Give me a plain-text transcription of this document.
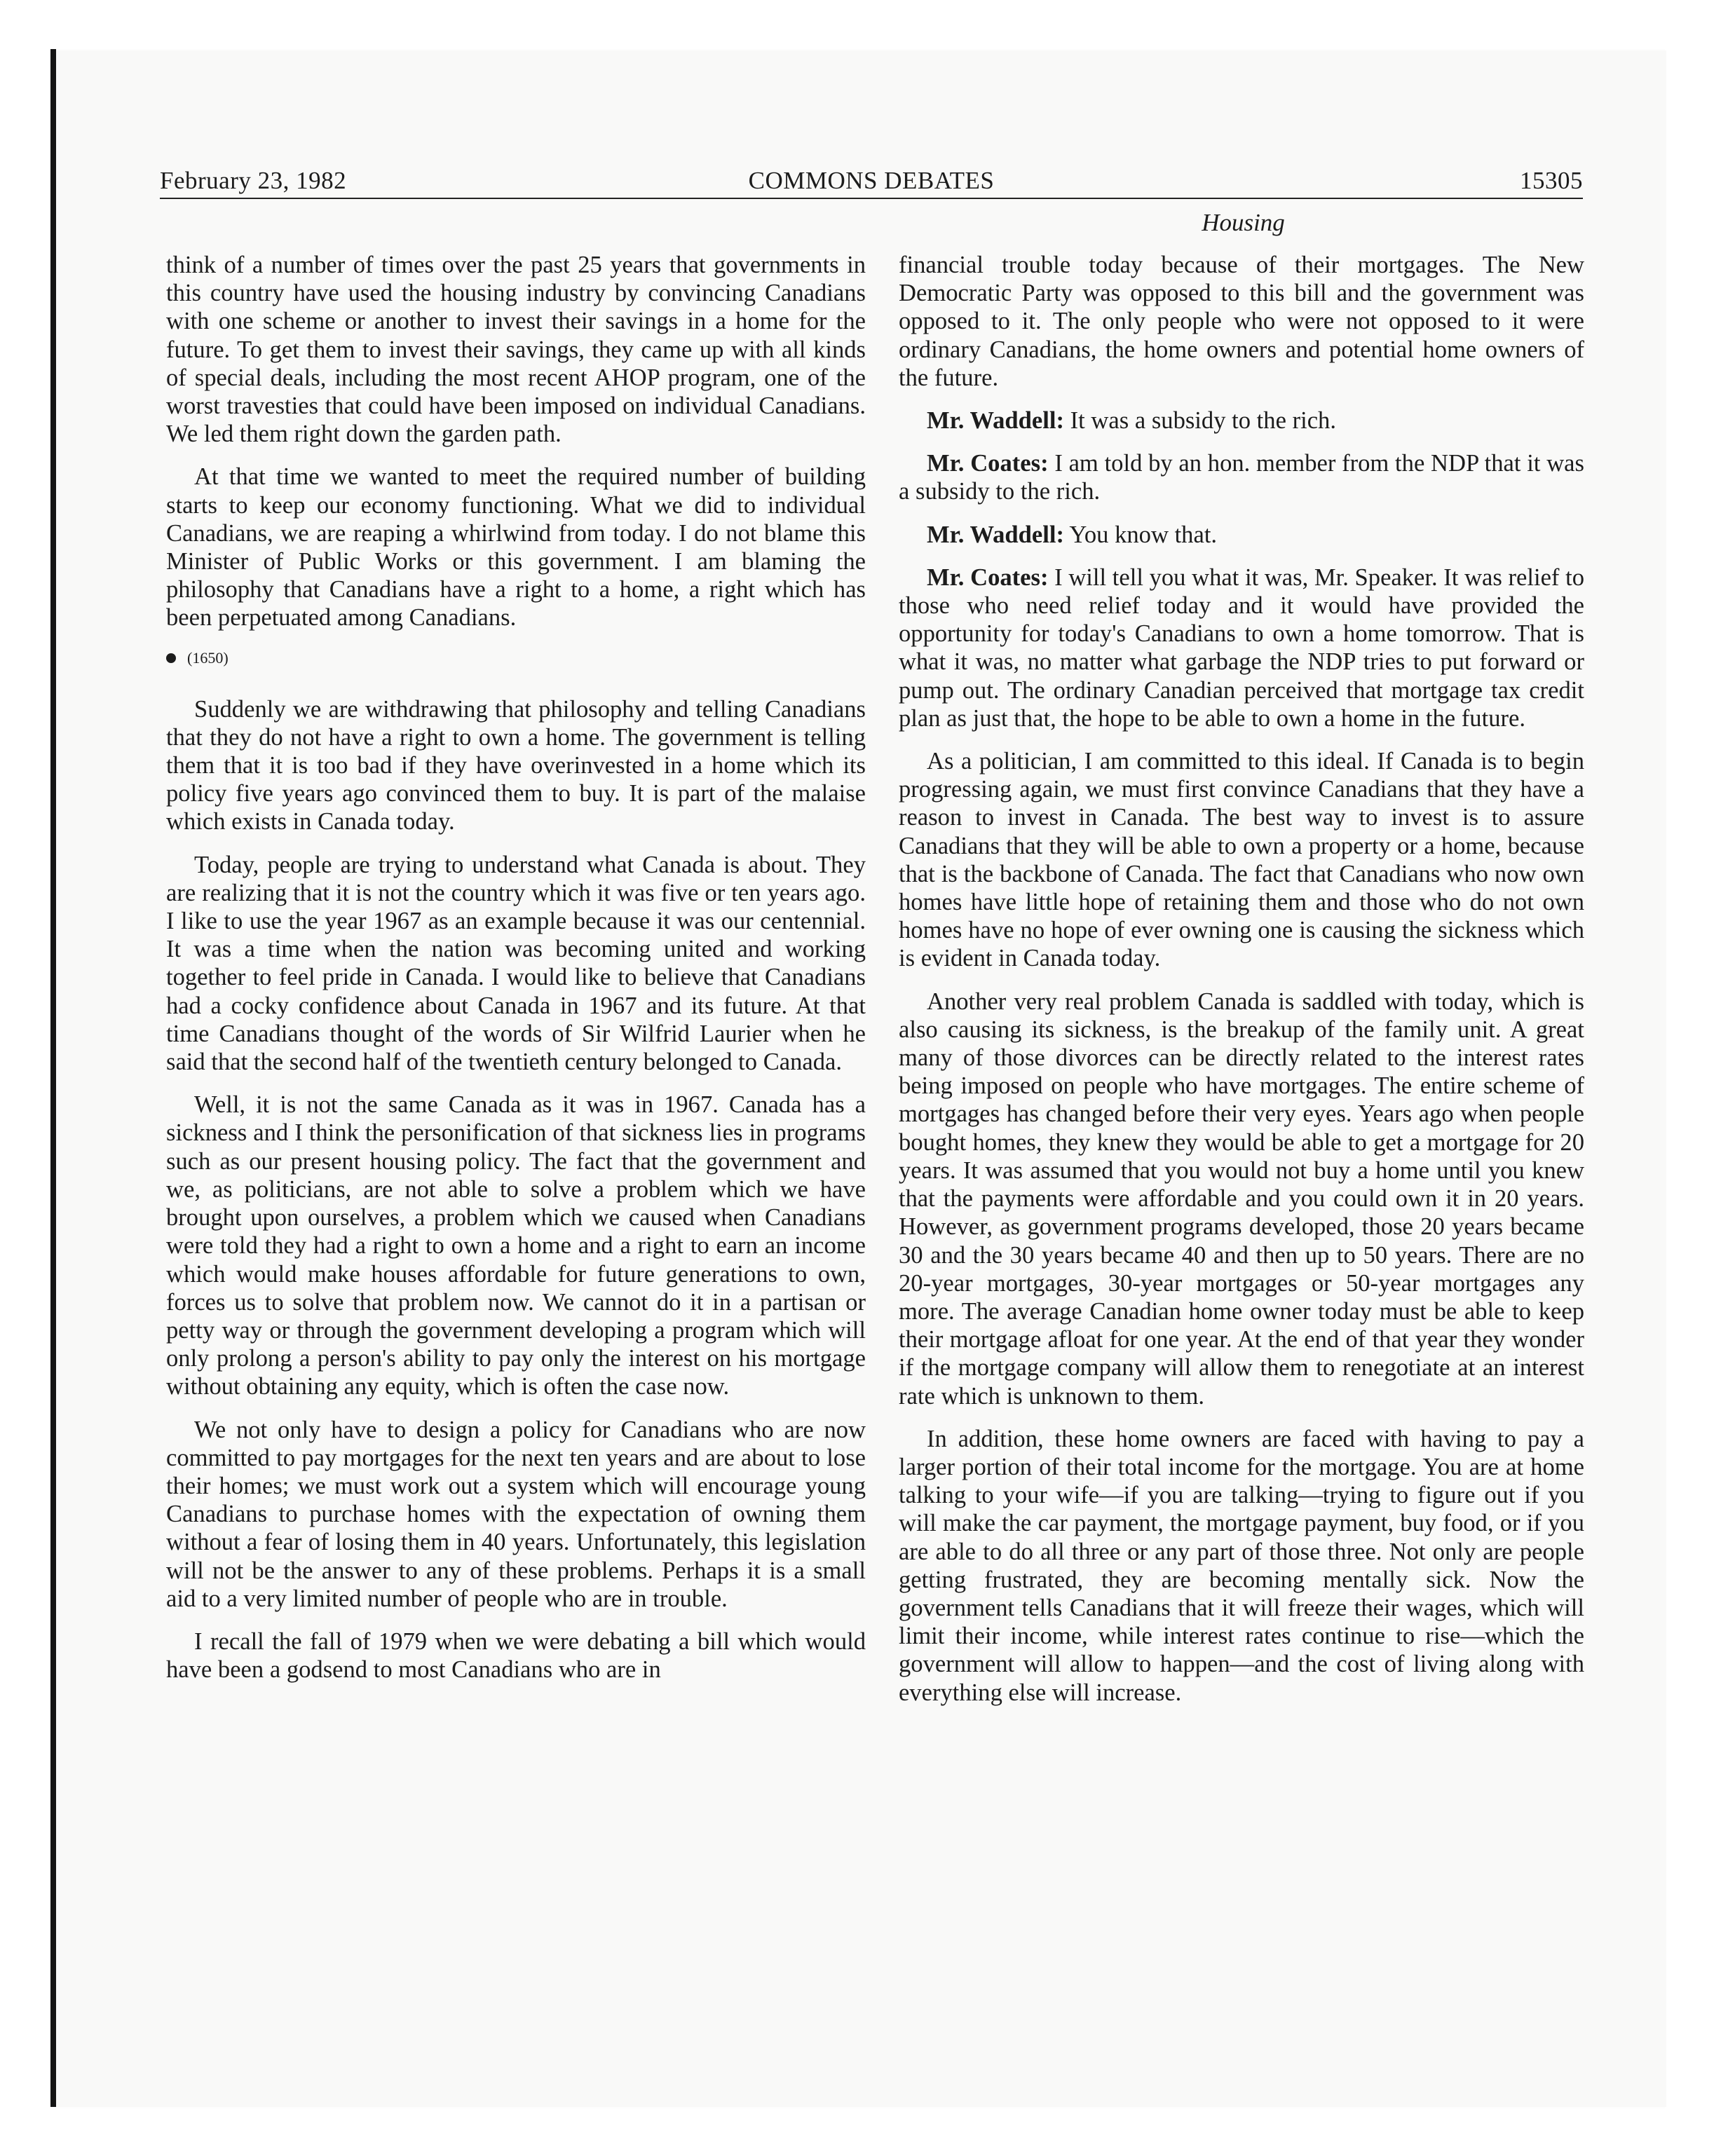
COMMONS DEBATES
February 23, 1982	15305
Housing

think of a number of times over the past 25 years that governments in this country have used the housing industry by convincing Canadians with one scheme or another to invest their savings in a home for the future. To get them to invest their savings, they came up with all kinds of special deals, including the most recent AHOP program, one of the worst travesties that could have been imposed on individual Canadians. We led them right down the garden path.

At that time we wanted to meet the required number of building starts to keep our economy functioning. What we did to individual Canadians, we are reaping a whirlwind from today. I do not blame this Minister of Public Works or this government. I am blaming the philosophy that Canadians have a right to a home, a right which has been perpetuated among Canadians.

(1650)

Suddenly we are withdrawing that philosophy and telling Canadians that they do not have a right to own a home. The government is telling them that it is too bad if they have overinvested in a home which its policy five years ago convinced them to buy. It is part of the malaise which exists in Canada today.

Today, people are trying to understand what Canada is about. They are realizing that it is not the country which it was five or ten years ago. I like to use the year 1967 as an example because it was our centennial. It was a time when the nation was becoming united and working together to feel pride in Canada. I would like to believe that Canadians had a cocky confidence about Canada in 1967 and its future. At that time Canadians thought of the words of Sir Wilfrid Laurier when he said that the second half of the twentieth century belonged to Canada.

Well, it is not the same Canada as it was in 1967. Canada has a sickness and I think the personification of that sickness lies in programs such as our present housing policy. The fact that the government and we, as politicians, are not able to solve a problem which we have brought upon ourselves, a problem which we caused when Canadians were told they had a right to own a home and a right to earn an income which would make houses affordable for future generations to own, forces us to solve that problem now. We cannot do it in a partisan or petty way or through the government developing a program which will only prolong a person's ability to pay only the interest on his mortgage without obtaining any equity, which is often the case now.

We not only have to design a policy for Canadians who are now committed to pay mortgages for the next ten years and are about to lose their homes; we must work out a system which will encourage young Canadians to purchase homes with the expectation of owning them without a fear of losing them in 40 years. Unfortunately, this legislation will not be the answer to any of these problems. Perhaps it is a small aid to a very limited number of people who are in trouble.

I recall the fall of 1979 when we were debating a bill which would have been a godsend to most Canadians who are in

financial trouble today because of their mortgages. The New Democratic Party was opposed to this bill and the government was opposed to it. The only people who were not opposed to it were ordinary Canadians, the home owners and potential home owners of the future.

Mr. Waddell: It was a subsidy to the rich.

Mr. Coates: I am told by an hon. member from the NDP that it was a subsidy to the rich.

Mr. Waddell: You know that.

Mr. Coates: I will tell you what it was, Mr. Speaker. It was relief to those who need relief today and it would have provided the opportunity for today's Canadians to own a home tomorrow. That is what it was, no matter what garbage the NDP tries to put forward or pump out. The ordinary Canadian perceived that mortgage tax credit plan as just that, the hope to be able to own a home in the future.

As a politician, I am committed to this ideal. If Canada is to begin progressing again, we must first convince Canadians that they have a reason to invest in Canada. The best way to invest is to assure Canadians that they will be able to own a property or a home, because that is the backbone of Canada. The fact that Canadians who now own homes have little hope of retaining them and those who do not own homes have no hope of ever owning one is causing the sickness which is evident in Canada today.

Another very real problem Canada is saddled with today, which is also causing its sickness, is the breakup of the family unit. A great many of those divorces can be directly related to the interest rates being imposed on people who have mortgages. The entire scheme of mortgages has changed before their very eyes. Years ago when people bought homes, they knew they would be able to get a mortgage for 20 years. It was assumed that you would not buy a home until you knew that the payments were affordable and you could own it in 20 years. However, as government programs developed, those 20 years became 30 and the 30 years became 40 and then up to 50 years. There are no 20-year mortgages, 30-year mortgages or 50-year mortgages any more. The average Canadian home owner today must be able to keep their mortgage afloat for one year. At the end of that year they wonder if the mortgage company will allow them to renegotiate at an interest rate which is unknown to them.

In addition, these home owners are faced with having to pay a larger portion of their total income for the mortgage. You are at home talking to your wife—if you are talking—trying to figure out if you will make the car payment, the mortgage payment, buy food, or if you are able to do all three or any part of those three. Not only are people getting frustrated, they are becoming mentally sick. Now the government tells Canadians that it will freeze their wages, which will limit their income, while interest rates continue to rise—which the government will allow to happen—and the cost of living along with everything else will increase.
